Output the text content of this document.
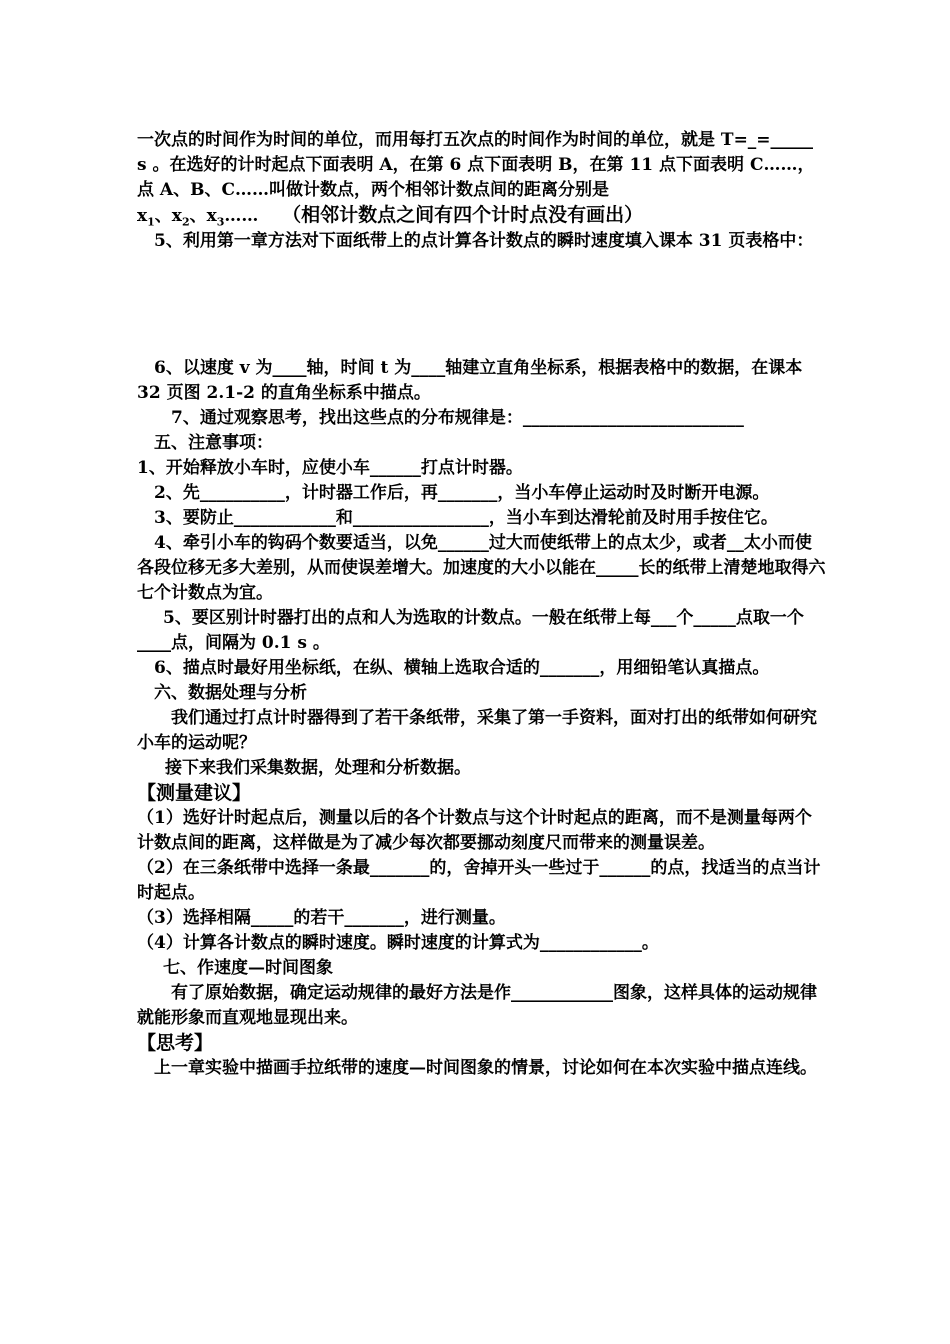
一次点的时间作为时间的单位，而用每打五次点的时间作为时间的单位，就是 T=_=_____ s 。在选好的计时起点下面表明 A，在第 6 点下面表明 B，在第 11 点下面表明 C……，点 A、B、C……叫做计数点，两个相邻计数点间的距离分别是

$x_1$、$x_2$、$x_3\dots\dots$ （相邻计数点之间有四个计时点没有画出）

5、利用第一章方法对下面纸带上的点计算各计数点的瞬时速度填入课本 31 页表格中：

6、以速度 v 为____轴，时间 t 为____轴建立直角坐标系，根据表格中的数据，在课本 32 页图 2.1-2 的直角坐标系中描点。

7、通过观察思考，找出这些点的分布规律是：__________________________

五、注意事项：

1、开始释放小车时，应使小车______打点计时器。

2、先__________，计时器工作后，再_______，当小车停止运动时及时断开电源。

3、要防止____________和________________，当小车到达滑轮前及时用手按住它。

4、牵引小车的钩码个数要适当，以免______过大而使纸带上的点太少，或者__太小而使各段位移无多大差别，从而使误差增大。加速度的大小以能在_____长的纸带上清楚地取得六七个计数点为宜。

5、要区别计时器打出的点和人为选取的计数点。一般在纸带上每___个_____点取一个____点，间隔为 0.1 s 。

6、描点时最好用坐标纸，在纵、横轴上选取合适的_______，用细铅笔认真描点。

六、数据处理与分析

我们通过打点计时器得到了若干条纸带，采集了第一手资料，面对打出的纸带如何研究小车的运动呢？

接下来我们采集数据，处理和分析数据。

【测量建议】

（1）选好计时起点后，测量以后的各个计数点与这个计时起点的距离，而不是测量每两个计数点间的距离，这样做是为了减少每次都要挪动刻度尺而带来的测量误差。

（2）在三条纸带中选择一条最_______的，舍掉开头一些过于______的点，找适当的点当计时起点。

（3）选择相隔_____的若干_______，进行测量。

（4）计算各计数点的瞬时速度。瞬时速度的计算式为____________。

七、作速度—时间图象

有了原始数据，确定运动规律的最好方法是作____________图象，这样具体的运动规律就能形象而直观地显现出来。

【思考】

上一章实验中描画手拉纸带的速度—时间图象的情景，讨论如何在本次实验中描点连线。
